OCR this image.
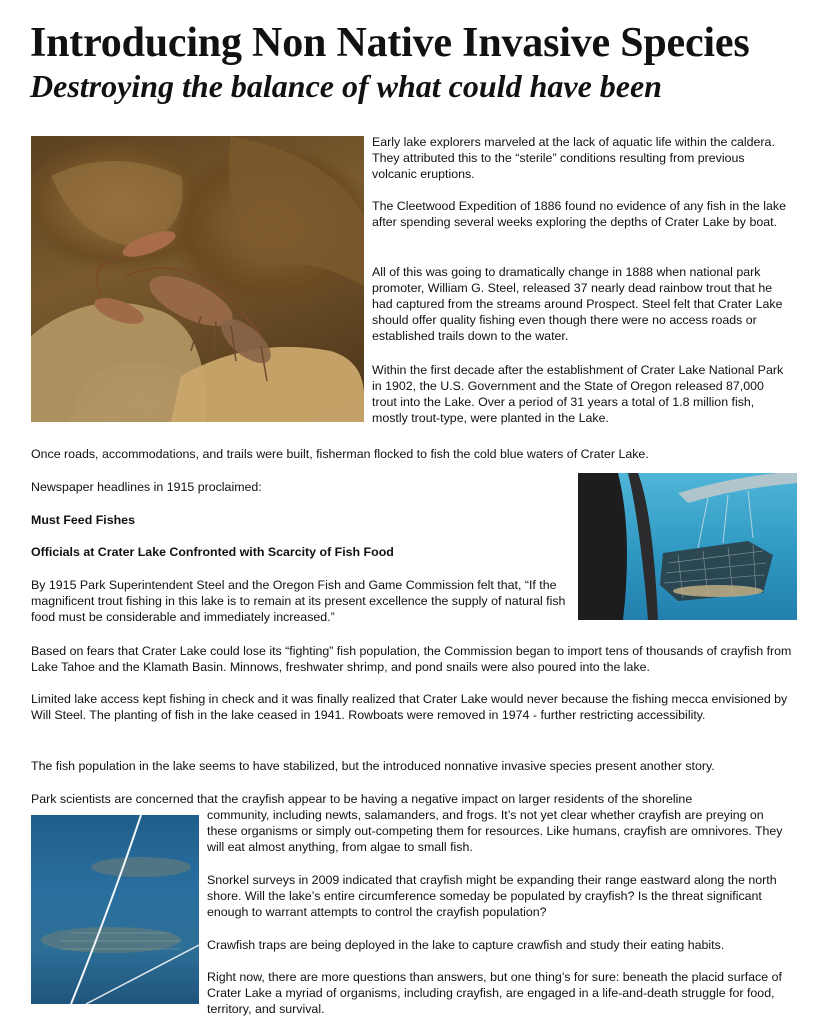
Introducing Non Native Invasive Species
Destroying the balance of what could have been

Early lake explorers marveled at the lack of aquatic life within the caldera. They attributed this to the “sterile” conditions resulting from previous volcanic eruptions.

The Cleetwood Expedition of 1886 found no evidence of any fish in the lake after spending several weeks exploring the depths of Crater Lake by boat.

All of this was going to dramatically change in 1888 when national park promoter, William G. Steel, released 37 nearly dead rainbow trout that he had captured from the streams around Prospect. Steel felt that Crater Lake should offer quality fishing even though there were no access roads or established trails down to the water.

Within the first decade after the establishment of Crater Lake National Park in 1902, the U.S. Government and the State of Oregon released 87,000 trout into the Lake. Over a period of 31 years a total of 1.8 million fish, mostly trout-type, were planted in the Lake.

Once roads, accommodations, and trails were built, fisherman flocked to fish the cold blue waters of Crater Lake.

Newspaper headlines in 1915 proclaimed:

Must Feed Fishes

Officials at Crater Lake Confronted with Scarcity of Fish Food

By 1915 Park Superintendent Steel and the Oregon Fish and Game Commission felt that, “If the magnificent trout fishing in this lake is to remain at its present excellence the supply of natural fish food must be considerable and immediately increased.”

Based on fears that Crater Lake could lose its “fighting” fish population, the Commission began to import tens of thousands of crayfish from Lake Tahoe and the Klamath Basin. Minnows, freshwater shrimp, and pond snails were also poured into the lake.

Limited lake access kept fishing in check and it was finally realized that Crater Lake would never because the fishing mecca envisioned by Will Steel. The planting of fish in the lake ceased in 1941. Rowboats were removed in 1974 - further restricting accessibility.

The fish population in the lake seems to have stabilized, but the introduced nonnative invasive species present another story.

Park scientists are concerned that the crayfish appear to be having a negative impact on larger residents of the shoreline

community, including newts, salamanders, and frogs. It’s not yet clear whether crayfish are preying on these organisms or simply out-competing them for resources. Like humans, crayfish are omnivores. They will eat almost anything, from algae to small fish.

Snorkel surveys in 2009 indicated that crayfish might be expanding their range eastward along the north shore. Will the lake’s entire circumference someday be populated by crayfish? Is the threat significant enough to warrant attempts to control the crayfish population?

Crawfish traps are being deployed in the lake to capture crawfish and study their eating habits.

Right now, there are more questions than answers, but one thing’s for sure: beneath the placid surface of Crater Lake a myriad of organisms, including crayfish, are engaged in a life-and-death struggle for food, territory, and survival.
